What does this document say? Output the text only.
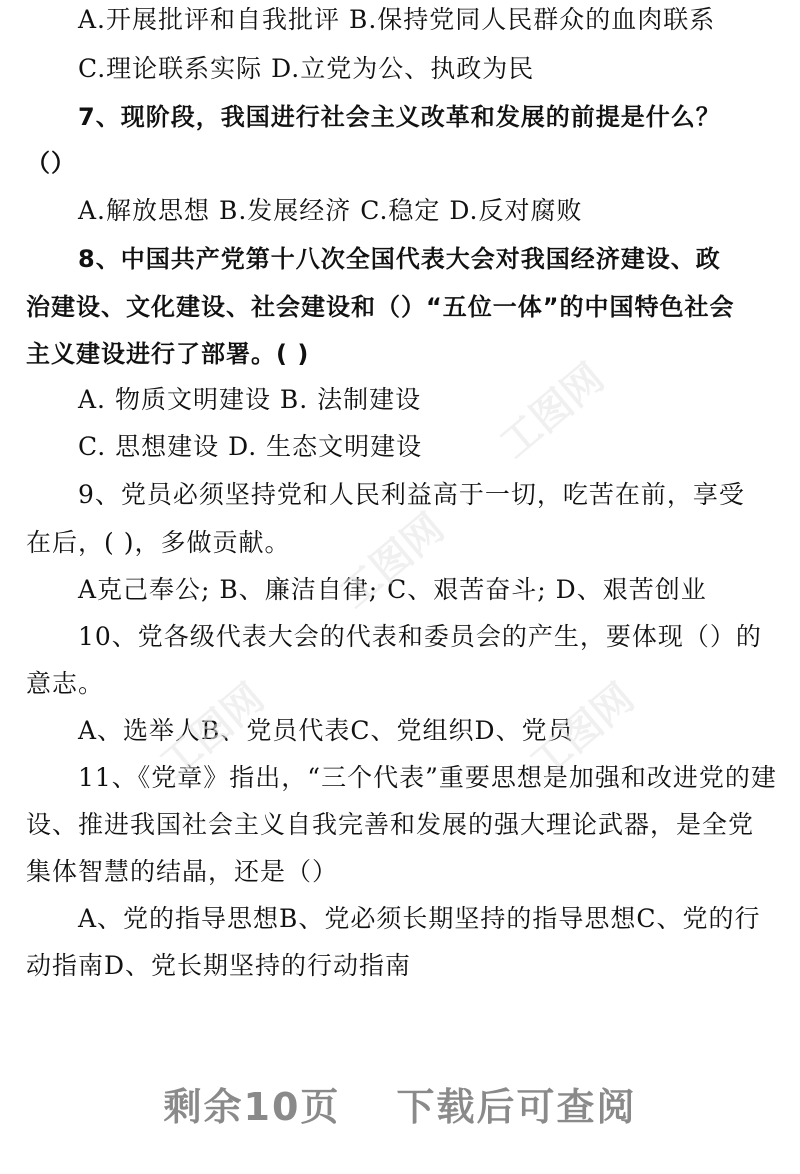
A.开展批评和自我批评 B.保持党同人民群众的血肉联系
C.理论联系实际 D.立党为公、执政为民
7、现阶段，我国进行社会主义改革和发展的前提是什么？
（）
A.解放思想 B.发展经济 C.稳定 D.反对腐败
8、中国共产党第十八次全国代表大会对我国经济建设、政
治建设、文化建设、社会建设和（）“五位一体”的中国特色社会
主义建设进行了部署。( )
A. 物质文明建设 B. 法制建设
C. 思想建设 D. 生态文明建设
9、党员必须坚持党和人民利益高于一切，吃苦在前，享受
在后，( )，多做贡献。
A克己奉公; B、廉洁自律; C、艰苦奋斗; D、艰苦创业
10、党各级代表大会的代表和委员会的产生，要体现（）的
意志。
A、选举人B、党员代表C、党组织D、党员
11、《党章》指出，“三个代表”重要思想是加强和改进党的建
设、推进我国社会主义自我完善和发展的强大理论武器，是全党
集体智慧的结晶，还是（）
A、党的指导思想B、党必须长期坚持的指导思想C、党的行
动指南D、党长期坚持的行动指南
工图网
工图网
工图网	工图网
剩余10页 下载后可查阅
